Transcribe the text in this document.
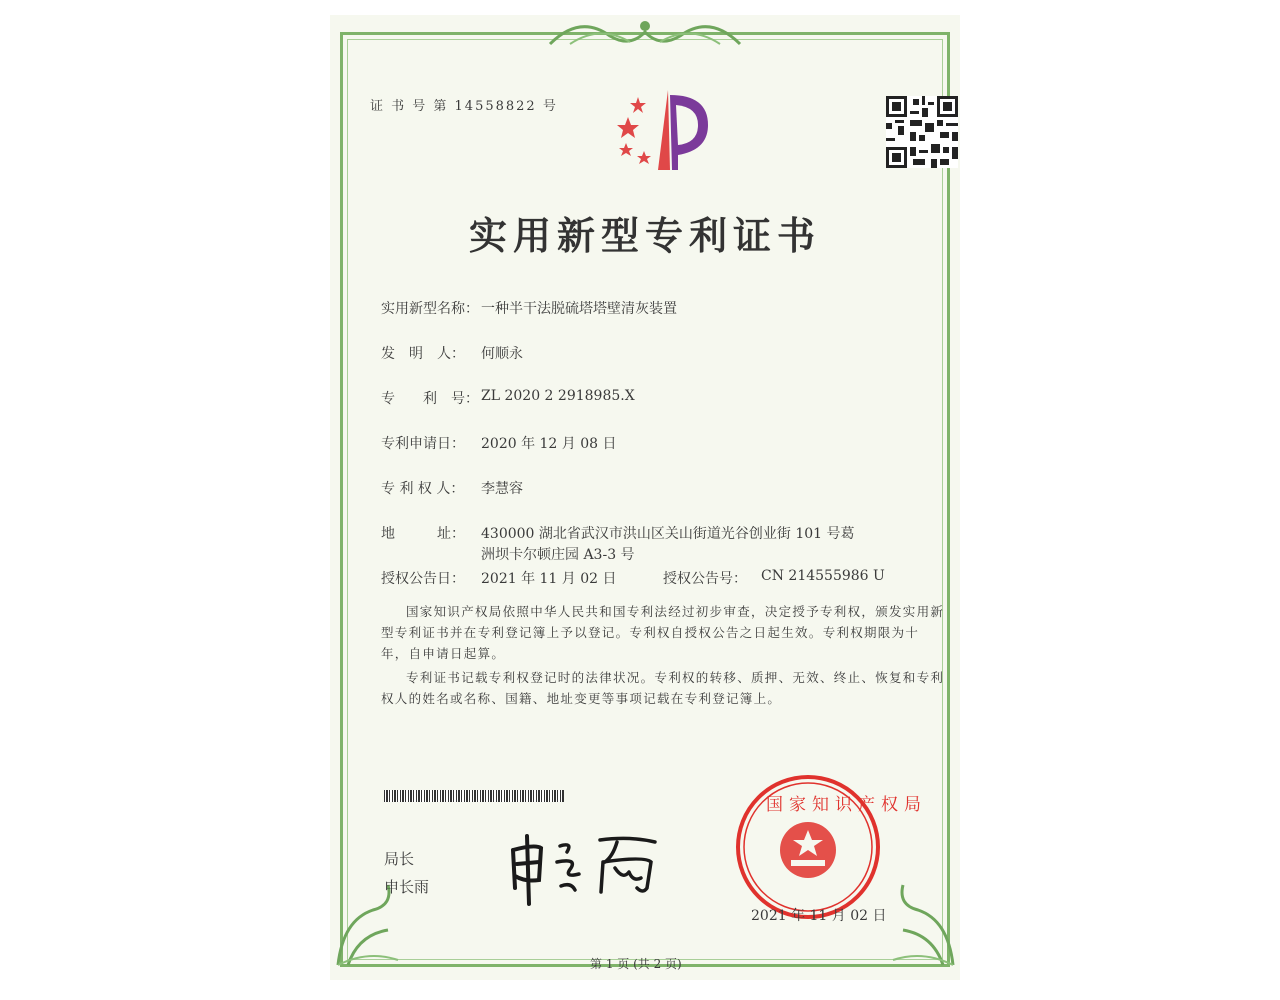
证 书 号 第 14558822 号
实用新型专利证书
实用新型名称： 一种半干法脱硫塔塔壁清灰装置
发　明　人： 何顺永
专　　利　号： ZL 2020 2 2918985.X
专利申请日： 2020 年 12 月 08 日
专 利 权 人： 李慧容
地　　　址： 430000 湖北省武汉市洪山区关山街道光谷创业街 101 号葛
洲坝卡尔顿庄园 A3-3 号
授权公告日： 2021 年 11 月 02 日	授权公告号： CN 214555986 U
国家知识产权局依照中华人民共和国专利法经过初步审查，决定授予专利权，颁发实用新型专利证书并在专利登记簿上予以登记。专利权自授权公告之日起生效。专利权期限为十年，自申请日起算。
专利证书记载专利权登记时的法律状况。专利权的转移、质押、无效、终止、恢复和专利权人的姓名或名称、国籍、地址变更等事项记载在专利登记簿上。
局长
申长雨
国家知识产权局
2021 年 11 月 02 日
第 1 页 (共 2 页)
